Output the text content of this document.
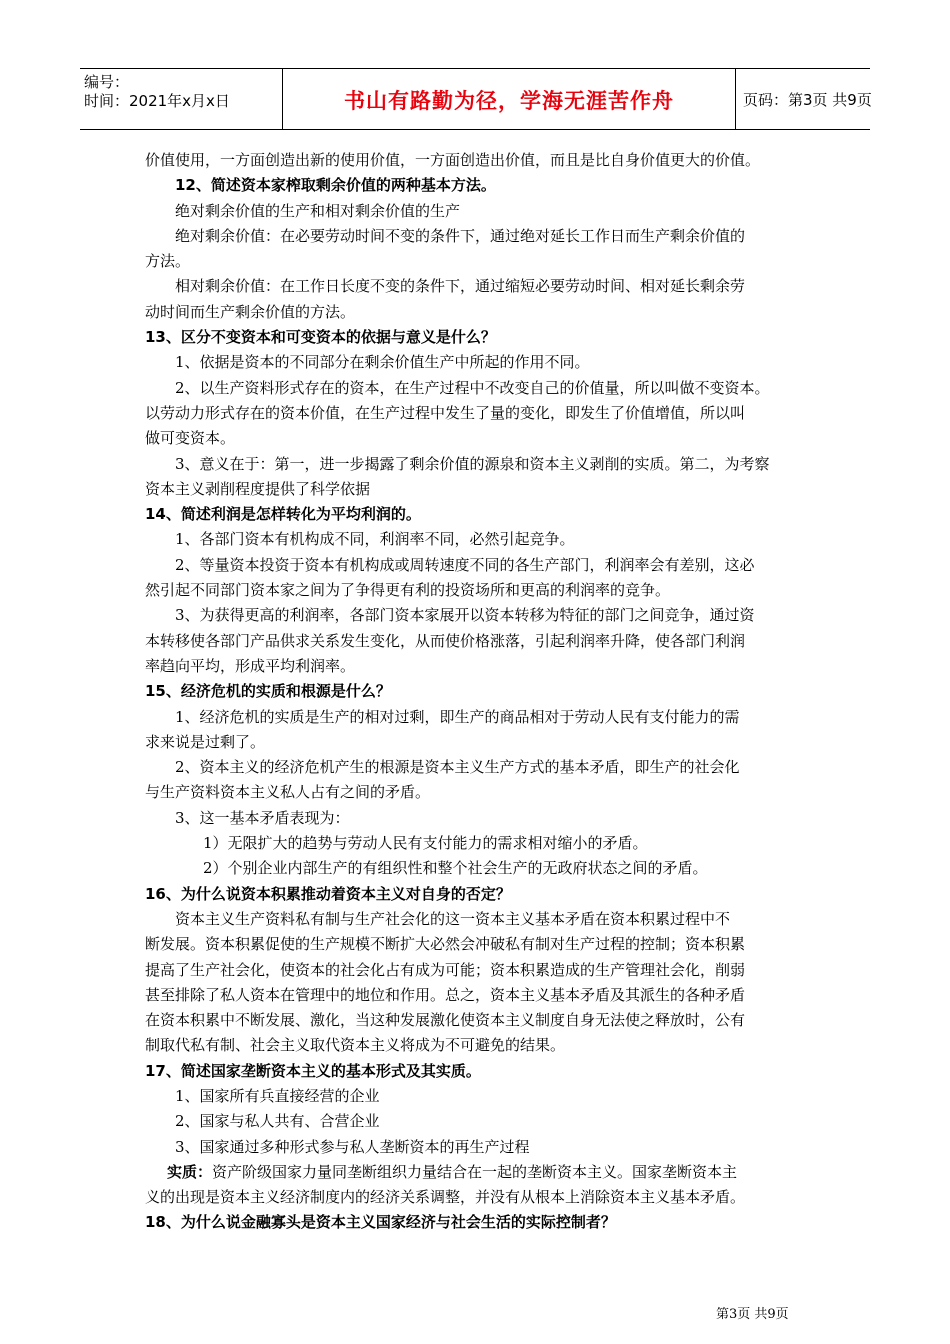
编号：
时间：2021年x月x日	书山有路勤为径，学海无涯苦作舟	页码：第3页 共9页
价值使用，一方面创造出新的使用价值，一方面创造出价值，而且是比自身价值更大的价值。
12、简述资本家榨取剩余价值的两种基本方法。
绝对剩余价值的生产和相对剩余价值的生产
绝对剩余价值：在必要劳动时间不变的条件下，通过绝对延长工作日而生产剩余价值的
方法。
相对剩余价值：在工作日长度不变的条件下，通过缩短必要劳动时间、相对延长剩余劳
动时间而生产剩余价值的方法。
13、区分不变资本和可变资本的依据与意义是什么？
1、依据是资本的不同部分在剩余价值生产中所起的作用不同。
2、以生产资料形式存在的资本，在生产过程中不改变自己的价值量，所以叫做不变资本。
以劳动力形式存在的资本价值，在生产过程中发生了量的变化，即发生了价值增值，所以叫
做可变资本。
3、意义在于：第一，进一步揭露了剩余价值的源泉和资本主义剥削的实质。第二，为考察
资本主义剥削程度提供了科学依据
14、简述利润是怎样转化为平均利润的。
1、各部门资本有机构成不同，利润率不同，必然引起竞争。
2、等量资本投资于资本有机构成或周转速度不同的各生产部门，利润率会有差别，这必
然引起不同部门资本家之间为了争得更有利的投资场所和更高的利润率的竞争。
3、为获得更高的利润率，各部门资本家展开以资本转移为特征的部门之间竞争，通过资
本转移使各部门产品供求关系发生变化，从而使价格涨落，引起利润率升降，使各部门利润
率趋向平均，形成平均利润率。
15、经济危机的实质和根源是什么？
1、经济危机的实质是生产的相对过剩，即生产的商品相对于劳动人民有支付能力的需
求来说是过剩了。
2、资本主义的经济危机产生的根源是资本主义生产方式的基本矛盾，即生产的社会化
与生产资料资本主义私人占有之间的矛盾。
3、这一基本矛盾表现为：
1）无限扩大的趋势与劳动人民有支付能力的需求相对缩小的矛盾。
2）个别企业内部生产的有组织性和整个社会生产的无政府状态之间的矛盾。
16、为什么说资本积累推动着资本主义对自身的否定？
资本主义生产资料私有制与生产社会化的这一资本主义基本矛盾在资本积累过程中不
断发展。资本积累促使的生产规模不断扩大必然会冲破私有制对生产过程的控制；资本积累
提高了生产社会化，使资本的社会化占有成为可能；资本积累造成的生产管理社会化，削弱
甚至排除了私人资本在管理中的地位和作用。总之，资本主义基本矛盾及其派生的各种矛盾
在资本积累中不断发展、激化，当这种发展激化使资本主义制度自身无法使之释放时，公有
制取代私有制、社会主义取代资本主义将成为不可避免的结果。
17、简述国家垄断资本主义的基本形式及其实质。
1、国家所有兵直接经营的企业
2、国家与私人共有、合营企业
3、国家通过多种形式参与私人垄断资本的再生产过程
实质：资产阶级国家力量同垄断组织力量结合在一起的垄断资本主义。国家垄断资本主
义的出现是资本主义经济制度内的经济关系调整，并没有从根本上消除资本主义基本矛盾。
18、为什么说金融寡头是资本主义国家经济与社会生活的实际控制者？
第3页 共9页
